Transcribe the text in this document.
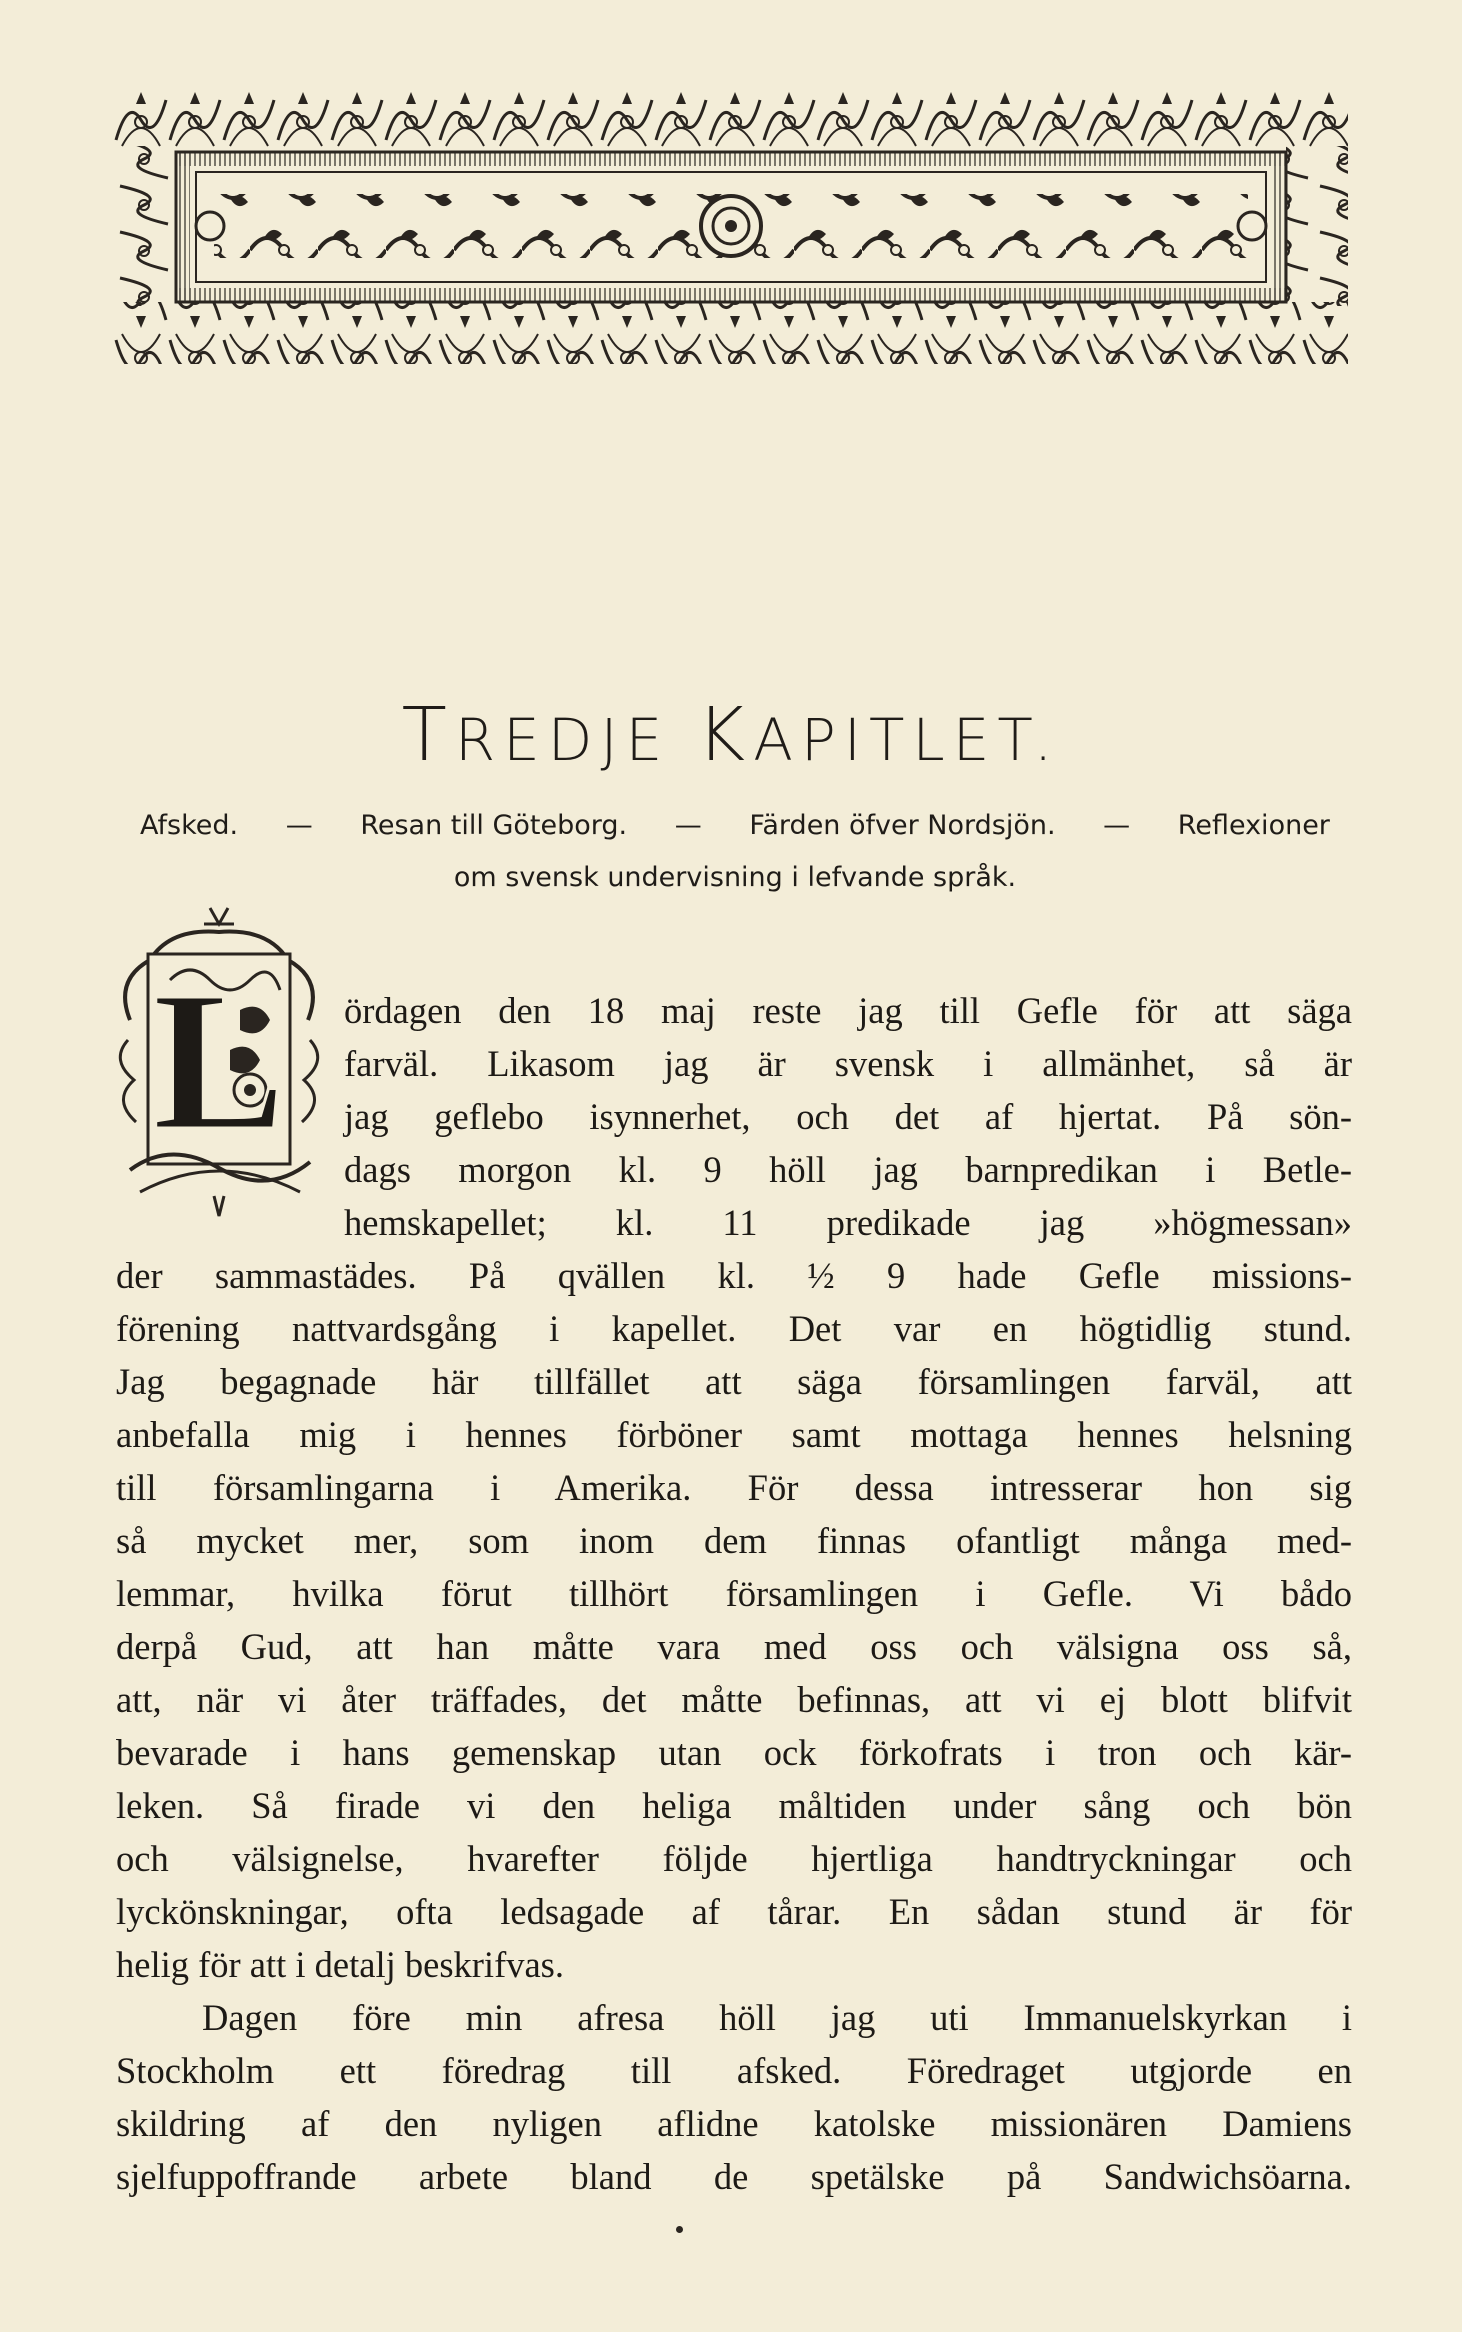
TREDJE KAPITLET.
Afsked. — Resan till Göteborg. — Färden öfver Nordsjön. — Reflexioner
om svensk undervisning i lefvande språk.
L	ördagen den 18 maj reste jag till Gefle för att säga
farväl. Likasom jag är svensk i allmänhet, så är
jag geflebo isynnerhet, och det af hjertat. På sön-
dags morgon kl. 9 höll jag barnpredikan i Betle-
hemskapellet; kl. 11 predikade jag »högmessan»
der sammastädes. På qvällen kl. ½ 9 hade Gefle missions-
förening nattvardsgång i kapellet. Det var en högtidlig stund.
Jag begagnade här tillfället att säga församlingen farväl, att
anbefalla mig i hennes förböner samt mottaga hennes helsning
till församlingarna i Amerika. För dessa intresserar hon sig
så mycket mer, som inom dem finnas ofantligt många med-
lemmar, hvilka förut tillhört församlingen i Gefle. Vi bådo
derpå Gud, att han måtte vara med oss och välsigna oss så,
att, när vi åter träffades, det måtte befinnas, att vi ej blott blifvit
bevarade i hans gemenskap utan ock förkofrats i tron och kär-
leken. Så firade vi den heliga måltiden under sång och bön
och välsignelse, hvarefter följde hjertliga handtryckningar och
lyckönskningar, ofta ledsagade af tårar. En sådan stund är för
helig för att i detalj beskrifvas.
Dagen före min afresa höll jag uti Immanuelskyrkan i
Stockholm ett föredrag till afsked. Föredraget utgjorde en
skildring af den nyligen aflidne katolske missionären Damiens
sjelfuppoffrande arbete bland de spetälske på Sandwichsöarna.
